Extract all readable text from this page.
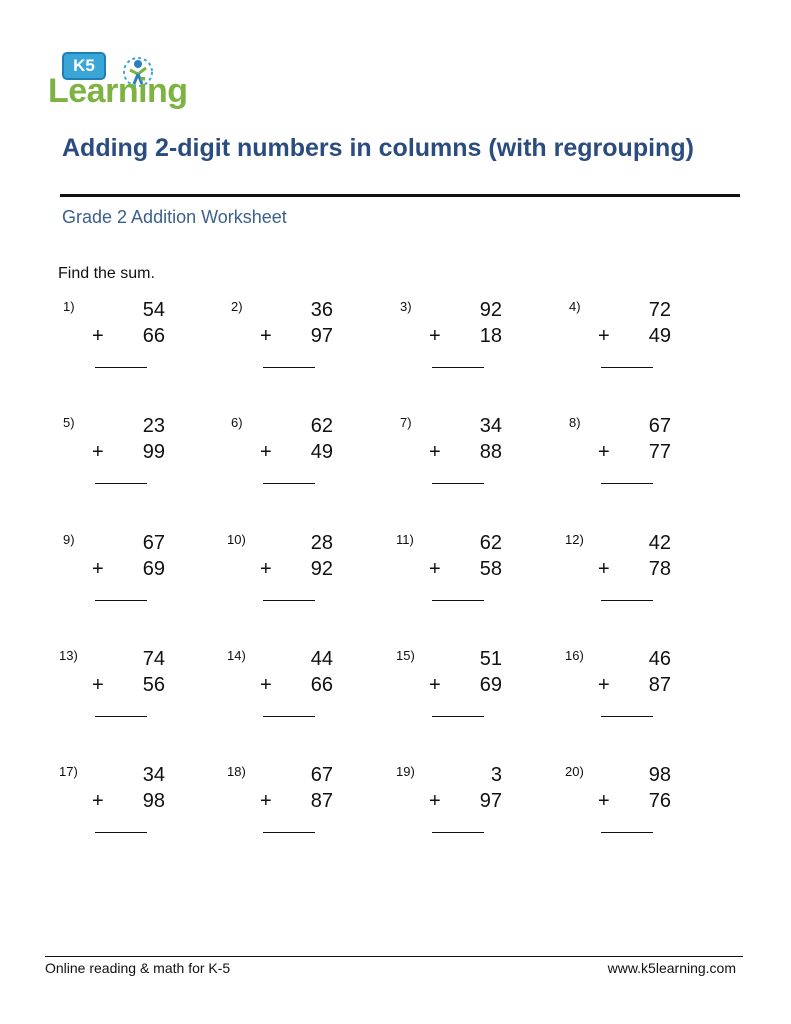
K5
Learning
Adding 2-digit numbers in columns (with regrouping)
Grade 2 Addition Worksheet
Find the sum.
1)	54
+	66
2)	36
+	97
3)	92
+	18
4)	72
+	49
5)	23
+	99
6)	62
+	49
7)	34
+	88
8)	67
+	77
9)	67
+	69
10)	28
+	92
11)	62
+	58
12)	42
+	78
13)	74
+	56
14)	44
+	66
15)	51
+	69
16)	46
+	87
17)	34
+	98
18)	67
+	87
19)	3
+	97
20)	98
+	76
Online reading & math for K-5	www.k5learning.com
